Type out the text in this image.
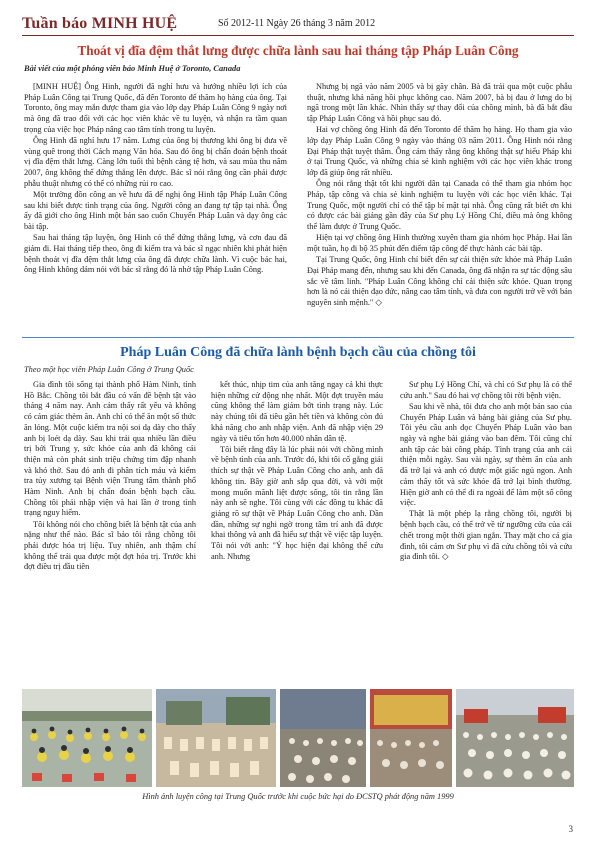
Tuần báo MINH HUỆ	Số 2012-11 Ngày 26 tháng 3 năm 2012
Thoát vị đĩa đệm thắt lưng được chữa lành sau hai tháng tập Pháp Luân Công
Bài viết của một phóng viên báo Minh Huệ ở Toronto, Canada

[MINH HUỆ] Ông Hinh, người đã nghỉ hưu và hướng nhiều lợi ích của Pháp Luân Công tại Trung Quốc, đã đến Toronto để thăm họ hàng của ông. Tại Toronto, ông may mắn được tham gia vào lớp dạy Pháp Luân Công 9 ngày nơi mà ông đã trao đổi với các học viên khác về tu luyện, và nhận ra tầm quan trọng của việc học Pháp nâng cao tâm tính trong tu luyện.

Ông Hinh đã nghỉ hưu 17 năm. Lưng của ông bị thương khi ông bị đưa về vùng quê trong thời Cách mạng Văn hóa. Sau đó ông bị chẩn đoán bệnh thoát vị đĩa đệm thắt lưng. Càng lớn tuổi thì bệnh càng tệ hơn, và sau mùa thu năm 2007, ông không thể đứng thẳng lên được. Bác sĩ nói rằng ông cần phải được phẫu thuật nhưng có thể có những rủi ro cao.

Một trường đồn công an về hưu đã để nghị ông Hinh tập Pháp Luân Công sau khi biết được tình trạng của ông. Người công an đang tự tập tại nhà. Ông ấy đã giới cho ông Hinh một bản sao cuốn Chuyển Pháp Luân và dạy ông các bài tập.

Sau hai tháng tập luyện, ông Hinh có thể đứng thẳng lưng, và cơn đau đã giảm đi. Hai tháng tiếp theo, ông đi kiểm tra và bác sĩ ngạc nhiên khi phát hiện bệnh thoát vị đĩa đệm thắt lưng của ông đã được chữa lành. Vì cuộc bác hai, ông Hinh không dám nói với bác sĩ rằng đó là nhờ tập Pháp Luân Công.

Nhưng bị ngã vào năm 2005 và bị gãy chân. Bà đã trải qua một cuộc phẫu thuật, nhưng khả năng hồi phục không cao. Năm 2007, bà bị đau ở lưng do bị ngã trong một lần khác. Nhìn thấy sự thay đổi của chồng mình, bà đã bắt đầu tập Pháp Luân Công và hồi phục sau đó.

Hai vợ chồng ông Hinh đã đến Toronto để thăm họ hàng. Họ tham gia vào lớp dạy Pháp Luân Công 9 ngày vào tháng 03 năm 2011. Ông Hinh nói rằng Đại Pháp thật tuyệt thâm. Ông cảm thấy rằng ông không thật sự hiểu Pháp khi ở tại Trung Quốc, và những chia sẻ kinh nghiệm với các học viên khác trong lớp đã giúp ông rất nhiều.

Ông nói rằng thật tốt khi người dân tại Canada có thể tham gia nhóm học Pháp, tập công và chia sẻ kinh nghiệm tu luyện với các học viên khác. Tại Trung Quốc, một người chỉ có thể tập bí mật tại nhà. Ông cũng rất biết ơn khi có được các bài giảng gần đây của Sư phụ Lý Hồng Chí, điều mà ông không thể làm được ở Trung Quốc.

Hiện tại vợ chồng ông Hinh thường xuyên tham gia nhóm học Pháp. Hai lần một tuần, họ đi bộ 35 phút đến điểm tập công để thực hành các bài tập.

Tại Trung Quốc, ông Hinh chỉ biết đến sự cải thiện sức khỏe mà Pháp Luân Đại Pháp mang đến, nhưng sau khi đến Canada, ông đã nhận ra sự tác động sâu sắc về tâm linh. "Pháp Luân Công không chỉ cải thiện sức khỏe. Quan trọng hơn là nó cải thiện đạo đức, nâng cao tâm tính, và đưa con người trở về với bản nguyên sinh mệnh." ◇

Pháp Luân Công đã chữa lành bệnh bạch cầu của chồng tôi
Theo một học viên Pháp Luân Công ở Trung Quốc

Gia đình tôi sống tại thành phố Hàm Ninh, tỉnh Hồ Bắc. Chồng tôi bắt đầu có vấn đề bệnh tật vào tháng 4 năm nay. Anh cảm thấy rất yếu và không có cảm giác thèm ăn. Anh chỉ có thể ăn một số thức ăn lỏng. Một cuộc kiểm tra nội soi dạ dày cho thấy anh bị loét dạ dày. Sau khi trải qua nhiều lần điều trị bởi Trung y, sức khỏe của anh đã không cải thiện mà còn phát sinh triệu chứng tim đập nhanh và khó thở. Sau đó anh đi phân tích máu và kiểm tra tủy xương tại Bệnh viện Trung tâm thành phố Hàm Ninh. Anh bị chẩn đoán bệnh bạch cầu. Chồng tôi phải nhập viện và hai lần ở trong tình trạng nguy hiểm.

Tôi không nói cho chồng biết là bệnh tật của anh nặng như thế nào. Bác sĩ bảo tôi rằng chồng tôi phải được hóa trị liệu. Tuy nhiên, anh thậm chí không thể trải qua được một đợt hóa trị. Trước khi đợt điều trị đầu tiên

kết thúc, nhịp tim của anh tăng ngay cả khi thực hiện những cử động nhẹ nhất. Một đợt truyền máu cũng không thể làm giảm bớt tình trạng này. Lúc này chúng tôi đã tiêu gần hết tiền và không còn đủ khả năng cho anh nhập viện. Anh đã nhập viện 29 ngày và tiêu tốn hơn 40.000 nhân dân tệ.

Tôi biết rằng đây là lúc phải nói với chồng mình về bệnh tình của anh. Trước đó, khi tôi cố gắng giải thích sự thật về Pháp Luân Công cho anh, anh đã không tin. Bây giờ anh sắp qua đời, và với một mong muốn mãnh liệt được sống, tôi tin rằng lần này anh sẽ nghe. Tôi cùng với các đồng tu khác đã giảng rõ sự thật về Pháp Luân Công cho anh. Dần dần, những sự nghi ngờ trong tâm trí anh đã được khai thông và anh đã hiểu sự thật về việc tập luyện. Tôi nói với anh: "Ý học hiện đại không thể cứu anh. Nhưng

Sư phụ Lý Hồng Chí, và chỉ có Sư phụ là có thể cứu anh." Sau đó hai vợ chồng tôi rời bệnh viện.

Sau khi về nhà, tôi đưa cho anh một bản sao của Chuyển Pháp Luân và bảng bài giảng của Sư phụ. Tôi yêu cầu anh đọc Chuyển Pháp Luân vào ban ngày và nghe bài giảng vào ban đêm. Tôi cũng chỉ anh tập các bài công pháp. Tình trạng của anh cải thiện mỗi ngày. Sau vài ngày, sự thèm ăn của anh đã trở lại và anh có được một giấc ngủ ngon. Anh cảm thấy tốt và sức khỏe đã trở lại bình thường. Hiện giờ anh có thể đi ra ngoài để làm một số công việc.

Thật là một phép lạ rằng chồng tôi, người bị bệnh bạch cầu, có thể trở về từ ngưỡng cửa của cái chết trong một thời gian ngắn. Thay mặt cho cả gia đình, tôi cảm ơn Sư phụ vì đã cứu chồng tôi và cứu gia đình tôi. ◇

Hình ảnh luyện công tại Trung Quốc trước khi cuộc bức hại do ĐCSTQ phát động năm 1999
3
